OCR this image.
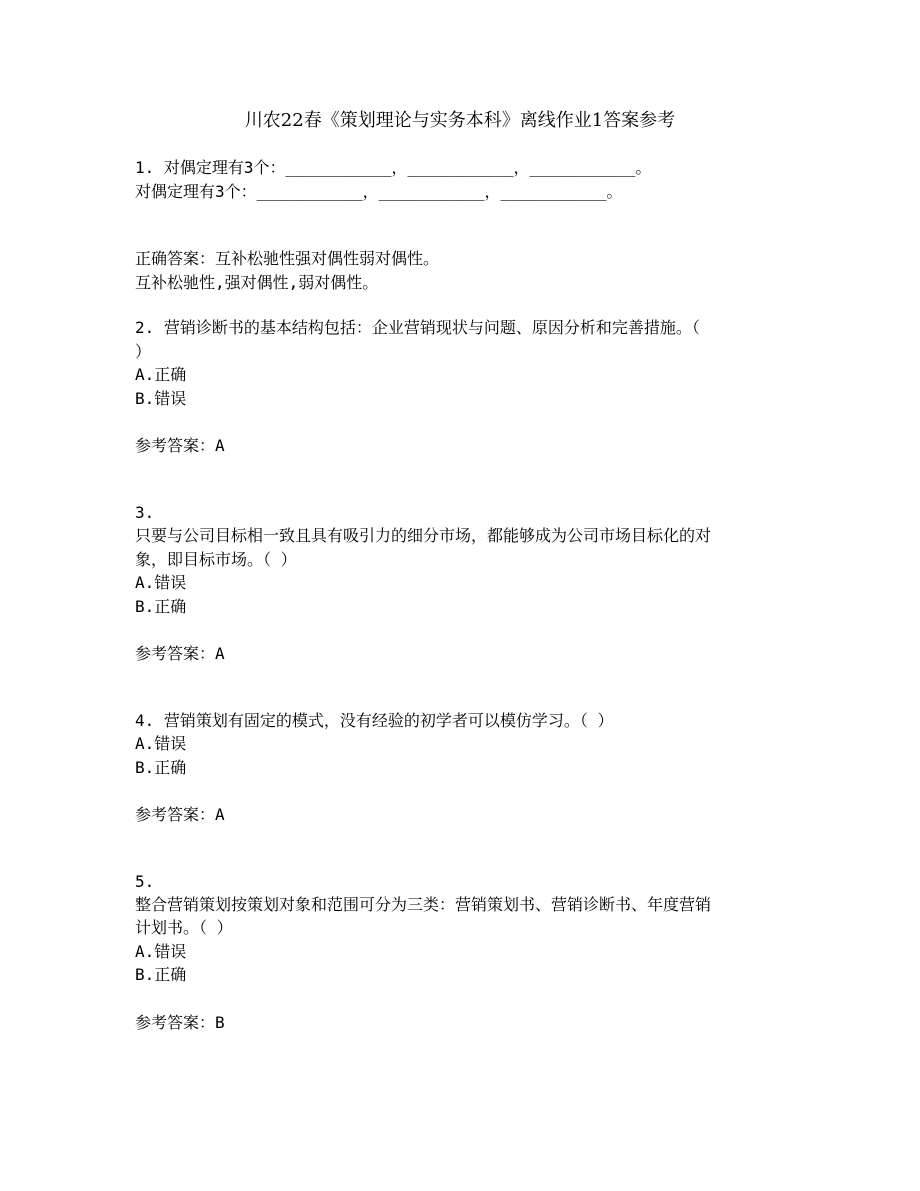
川农22春《策划理论与实务本科》离线作业1答案参考
1. 对偶定理有3个：___________，___________，___________。
对偶定理有3个：___________，___________，___________。
正确答案：互补松驰性强对偶性弱对偶性。
互补松驰性,强对偶性,弱对偶性。
2. 营销诊断书的基本结构包括：企业营销现状与问题、原因分析和完善措施。（
）
A.正确
B.错误
参考答案：A
3.
只要与公司目标相一致且具有吸引力的细分市场，都能够成为公司市场目标化的对
象，即目标市场。（ ）
A.错误
B.正确
参考答案：A
4. 营销策划有固定的模式，没有经验的初学者可以模仿学习。（ ）
A.错误
B.正确
参考答案：A
5.
整合营销策划按策划对象和范围可分为三类：营销策划书、营销诊断书、年度营销
计划书。（ ）
A.错误
B.正确
参考答案：B
